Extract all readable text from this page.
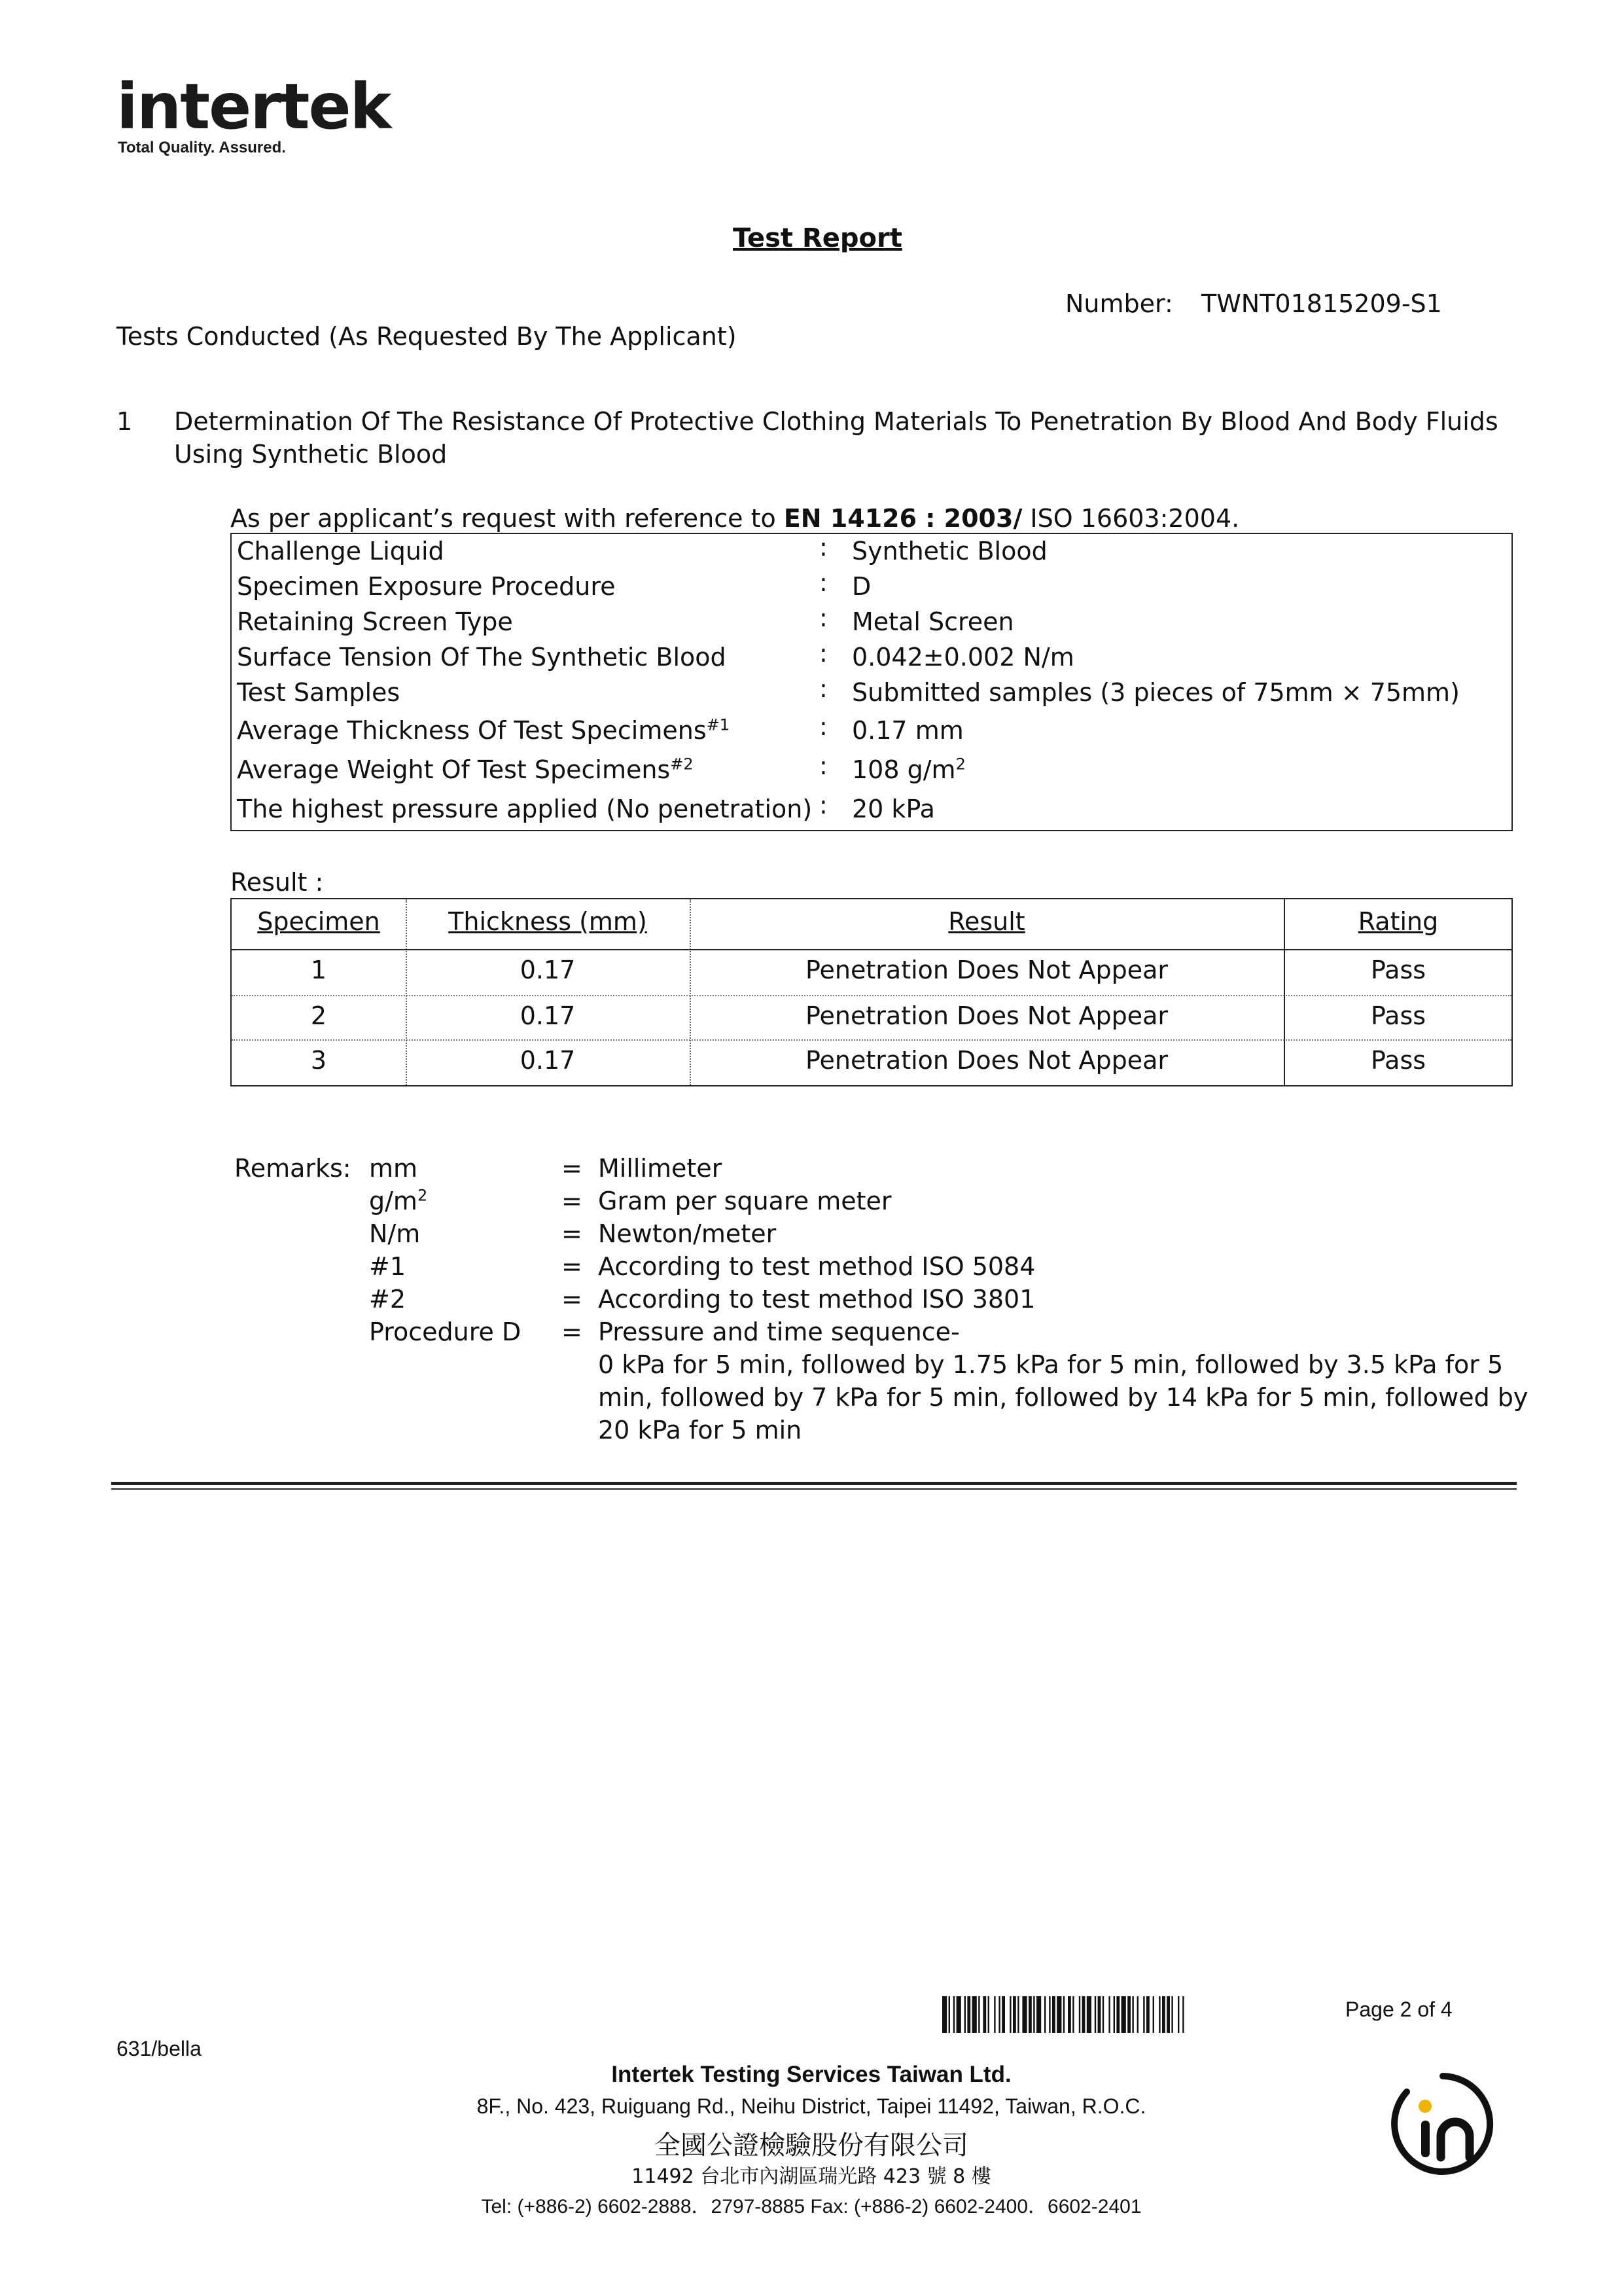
intertek
Total Quality. Assured.
Test Report
Number: TWNT01815209-S1
Tests Conducted (As Requested By The Applicant)
1 Determination Of The Resistance Of Protective Clothing Materials To Penetration By Blood And Body Fluids
Using Synthetic Blood
As per applicant’s request with reference to EN 14126 : 2003/ ISO 16603:2004.
Challenge Liquid	: Synthetic Blood
Specimen Exposure Procedure	: D
Retaining Screen Type	: Metal Screen
Surface Tension Of The Synthetic Blood	: 0.042±0.002 N/m
Test Samples	: Submitted samples (3 pieces of 75mm × 75mm)
Average Thickness Of Test Specimens$^{\#1}$	: 0.17 mm
Average Weight Of Test Specimens$^{\#2}$	: 108 $g/m^2$
The highest pressure applied (No penetration) : 20 kPa
Result :
Specimen	Thickness (mm)	Result	Rating
1	0.17	Penetration Does Not Appear	Pass
2	0.17	Penetration Does Not Appear	Pass
3	0.17	Penetration Does Not Appear	Pass
Remarks: mm	= Millimeter
$g/m^2$	= Gram per square meter
N/m	= Newton/meter
#1	= According to test method ISO 5084
#2	= According to test method ISO 3801
Procedure D = Pressure and time sequence-
0 kPa for 5 min, followed by 1.75 kPa for 5 min, followed by 3.5 kPa for 5
min, followed by 7 kPa for 5 min, followed by 14 kPa for 5 min, followed by
20 kPa for 5 min
Page 2 of 4
631/bella
Intertek Testing Services Taiwan Ltd.
8F., No. 423, Ruiguang Rd., Neihu District, Taipei 11492, Taiwan, R.O.C.
全國公證檢驗股份有限公司
11492 台北市內湖區瑞光路 423 號 8 樓
Tel: (+886-2) 6602-2888．2797-8885 Fax: (+886-2) 6602-2400．6602-2401
